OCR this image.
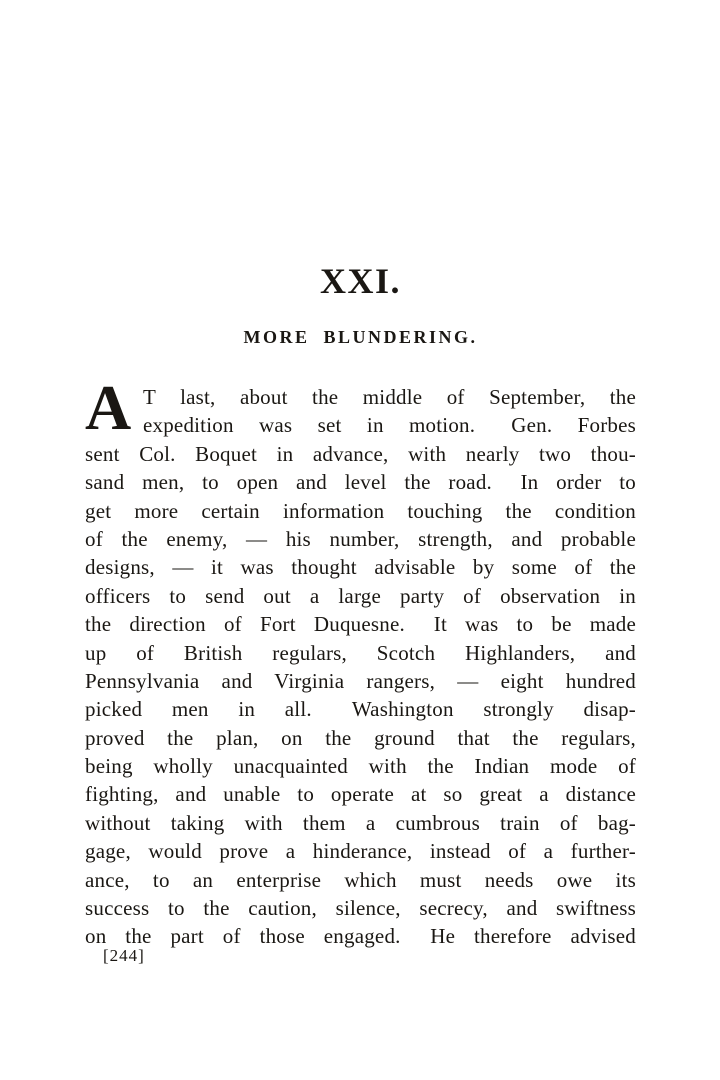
XXI.
MORE BLUNDERING.
A T last, about the middle of September, the
expedition was set in motion.  Gen. Forbes
sent Col. Boquet in advance, with nearly two thou-
sand men, to open and level the road.  In order to
get more certain information touching the condition
of the enemy, — his number, strength, and probable
designs, — it was thought advisable by some of the
officers to send out a large party of observation in
the direction of Fort Duquesne.  It was to be made
up of British regulars, Scotch Highlanders, and
Pennsylvania and Virginia rangers, — eight hundred
picked men in all.  Washington strongly disap-
proved the plan, on the ground that the regulars,
being wholly unacquainted with the Indian mode of
fighting, and unable to operate at so great a distance
without taking with them a cumbrous train of bag-
gage, would prove a hinderance, instead of a further-
ance, to an enterprise which must needs owe its
success to the caution, silence, secrecy, and swiftness
on the part of those engaged.  He therefore advised
[244]
